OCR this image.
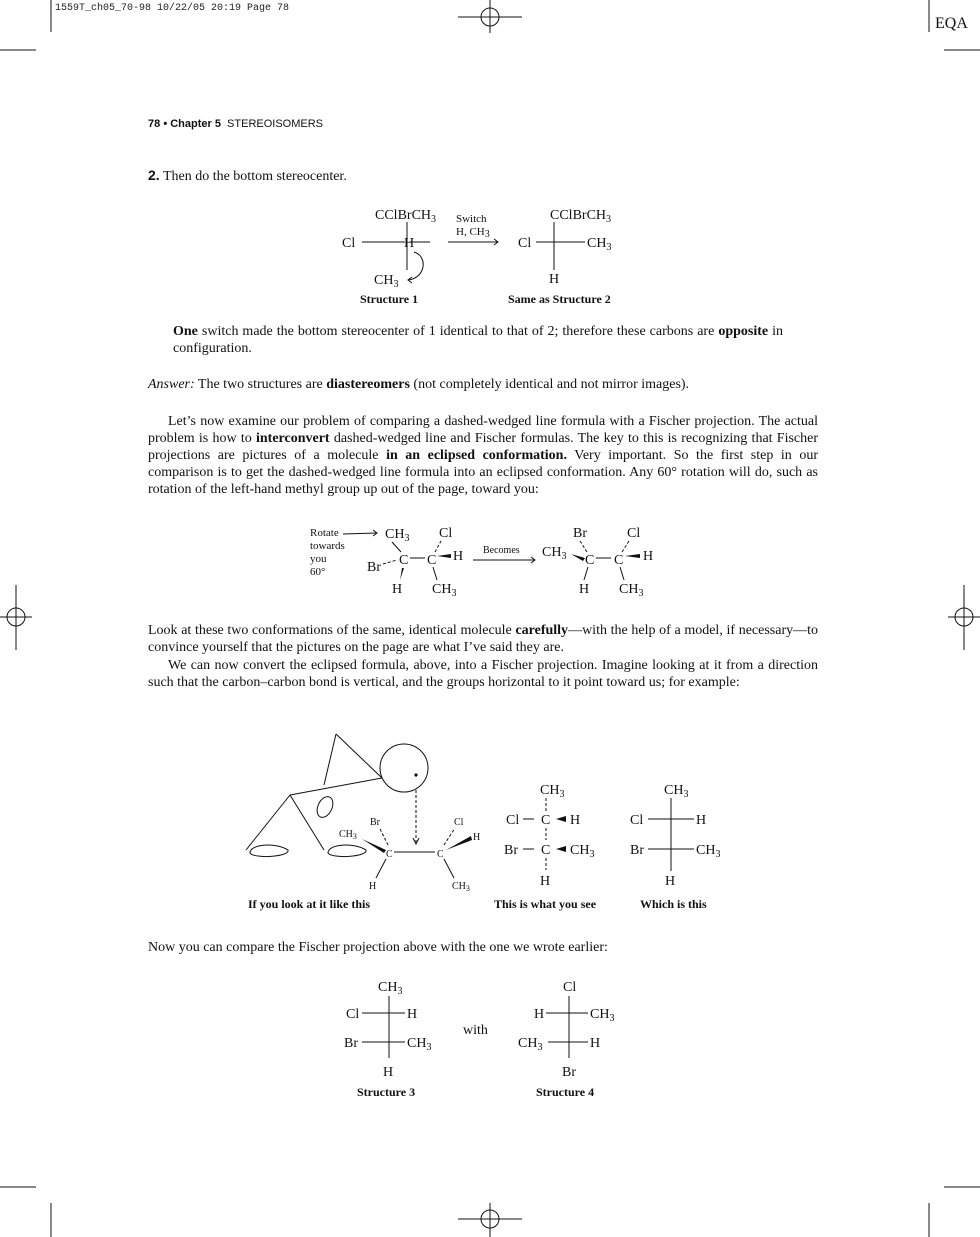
1559T_ch05_70-98 10/22/05 20:19 Page 78
EQA
78 • Chapter 5 STEREOISOMERS
2. Then do the bottom stereocenter.
CClBrCH$_3$
Cl	H
$CH_3$
Structure 1
Switch
H, CH3
CClBrCH$_3$
Cl	$CH_3$
H
Same as Structure 2
One switch made the bottom stereocenter of 1 identical to that of 2; therefore these carbons are opposite in configuration.
Answer: The two structures are diastereomers (not completely identical and not mirror images).
Let’s now examine our problem of comparing a dashed-wedged line formula with a Fischer projection. The actual problem is how to interconvert dashed-wedged line and Fischer formulas. The key to this is recognizing that Fischer projections are pictures of a molecule in an eclipsed conformation. Very important. So the first step in our comparison is to get the dashed-wedged line formula into an eclipsed conformation. Any 60° rotation will do, such as rotation of the left-hand methyl group up out of the page, toward you:
Rotate
towards
you
60°
$CH_3$ Cl
Br C C H
H $CH_3$
Becomes
Br	Cl
$CH_3$ C C H
H $CH_3$
Look at these two conformations of the same, identical molecule carefully—with the help of a model, if necessary—to convince yourself that the pictures on the page are what I’ve said they are.
We can now convert the eclipsed formula, above, into a Fischer projection. Imagine looking at it from a direction such that the carbon–carbon bond is vertical, and the groups horizontal to it point toward us; for example:
Br
$CH_3$
C	C
Cl
H
H	$CH_3$
If you look at it like this
$CH_3$
Cl C H
Br C $CH_3$
H
This is what you see
$CH_3$
Cl	H
Br	$CH_3$
H
Which is this
Now you can compare the Fischer projection above with the one we wrote earlier:
$CH_3$
Cl	H
Br	$CH_3$
H
Structure 3
with
Cl
H	$CH_3$
$CH_3$	H
Br
Structure 4
